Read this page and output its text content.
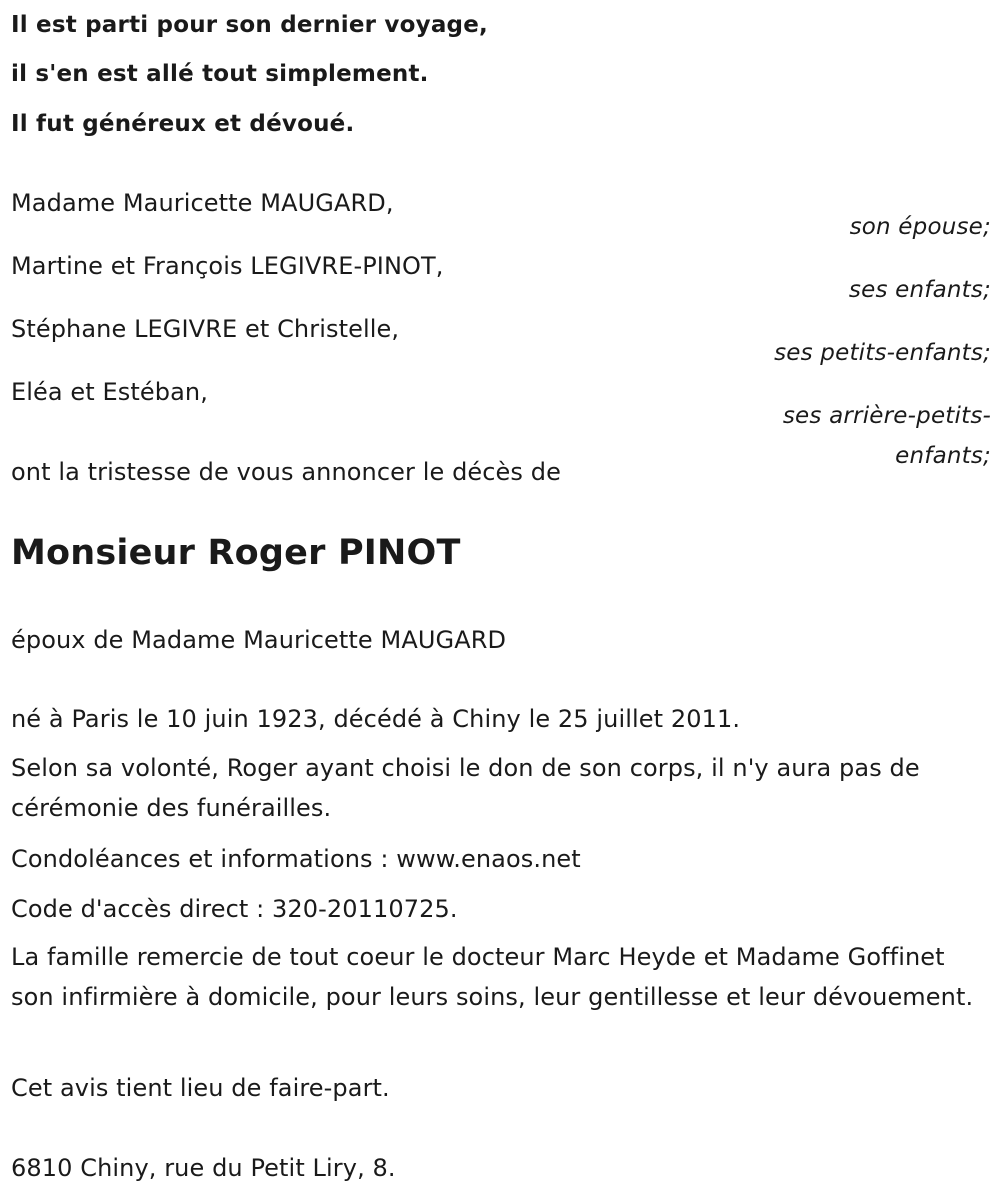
Il est parti pour son dernier voyage,

il s'en est allé tout simplement.

Il fut généreux et dévoué.

Madame Mauricette MAUGARD,

son épouse;

Martine et François LEGIVRE-PINOT,

ses enfants;

Stéphane LEGIVRE et Christelle,

ses petits-enfants;

Eléa et Estéban,

ses arrière-petits-

enfants;

ont la tristesse de vous annoncer le décès de

Monsieur Roger PINOT

époux de Madame Mauricette MAUGARD

né à Paris le 10 juin 1923, décédé à Chiny le 25 juillet 2011.

Selon sa volonté, Roger ayant choisi le don de son corps, il n'y aura pas de cérémonie des funérailles.

Condoléances et informations : www.enaos.net

Code d'accès direct : 320-20110725.

La famille remercie de tout coeur le docteur Marc Heyde et Madame Goffinet son infirmière à domicile, pour leurs soins, leur gentillesse et leur dévouement.

Cet avis tient lieu de faire-part.

6810 Chiny, rue du Petit Liry, 8.
